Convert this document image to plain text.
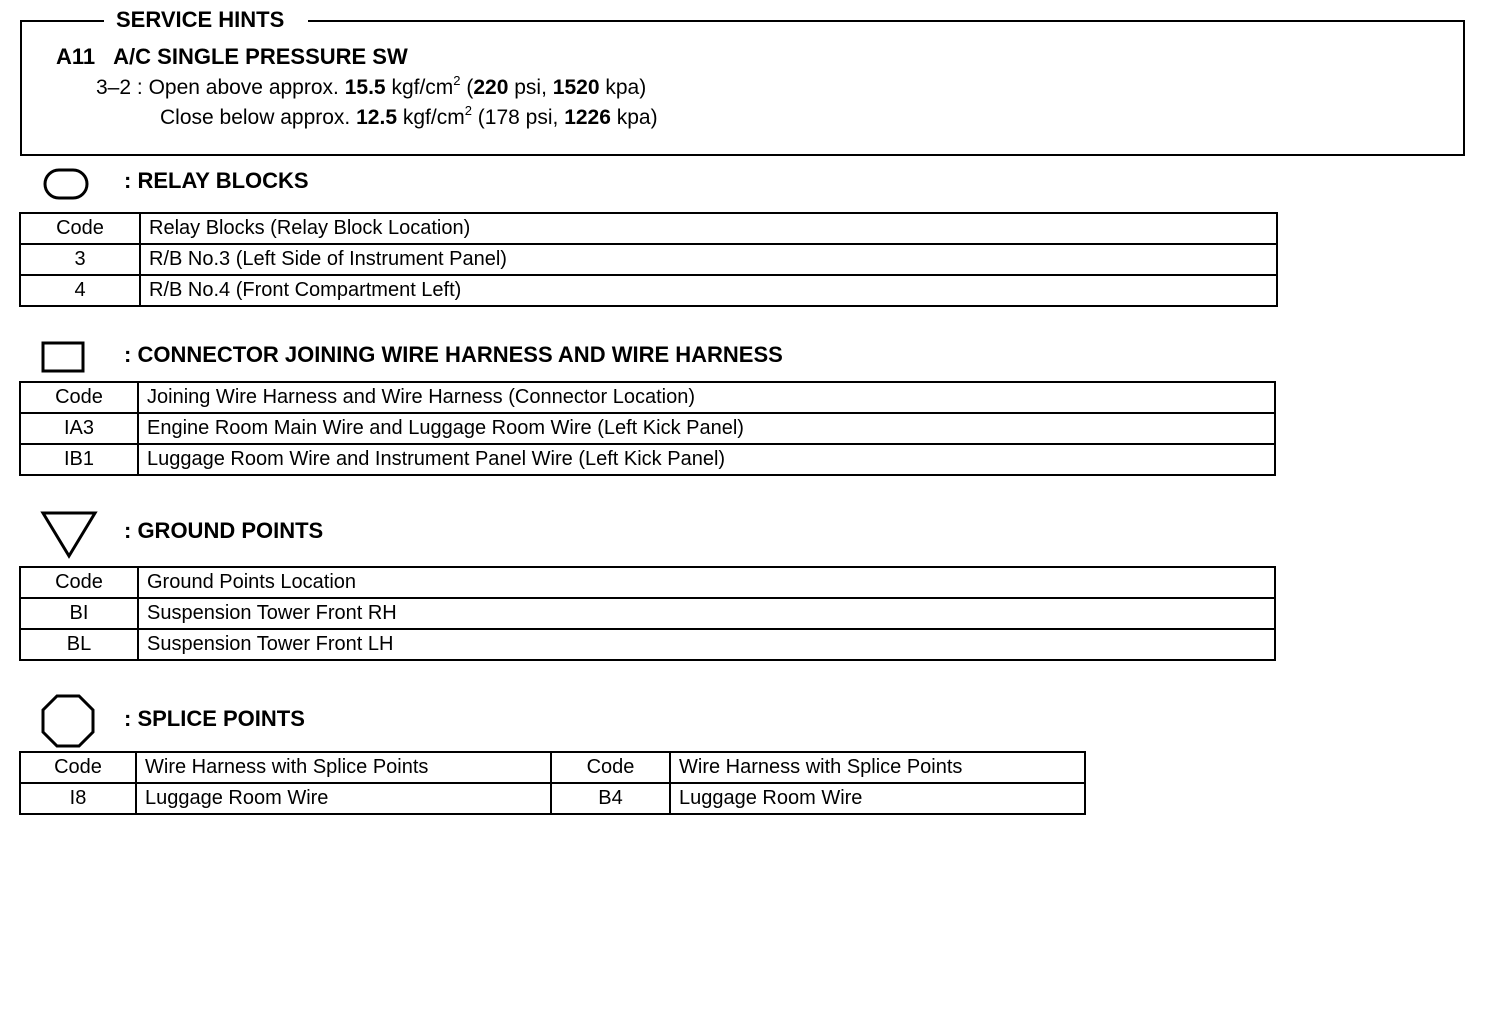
SERVICE HINTS
A11 A/C SINGLE PRESSURE SW
3–2 : Open above approx. 15.5 kgf/$cm^2$ (220 psi, 1520 kpa)
Close below approx. 12.5 kgf/$cm^2$ (178 psi, 1226 kpa)
: RELAY BLOCKS
Code	Relay Blocks (Relay Block Location)
3	R/B No.3 (Left Side of Instrument Panel)
4	R/B No.4 (Front Compartment Left)
: CONNECTOR JOINING WIRE HARNESS AND WIRE HARNESS
Code	Joining Wire Harness and Wire Harness (Connector Location)
IA3	Engine Room Main Wire and Luggage Room Wire (Left Kick Panel)
IB1	Luggage Room Wire and Instrument Panel Wire (Left Kick Panel)
: GROUND POINTS
Code	Ground Points Location
BI	Suspension Tower Front RH
BL	Suspension Tower Front LH
: SPLICE POINTS
Code	Wire Harness with Splice Points	Code	Wire Harness with Splice Points
I8	Luggage Room Wire	B4	Luggage Room Wire
